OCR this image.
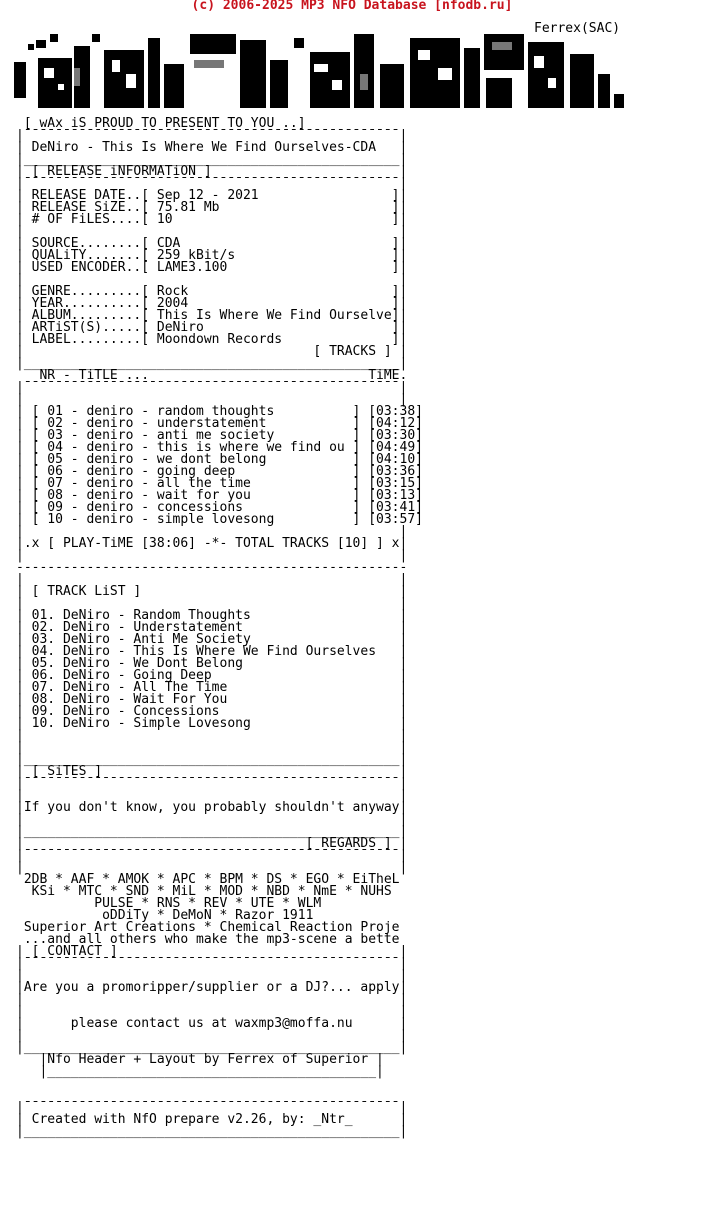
(c) 2006-2025 MP3 NFO Database [nfodb.ru]
Ferrex(SAC)

[ wAx iS PROUD TO PRESENT TO YOU ..]
|¯¯¯¯¯¯¯¯¯¯¯¯¯¯¯¯¯¯¯¯¯¯¯¯¯¯¯¯¯¯¯¯¯¯¯¯¯¯¯¯¯¯¯¯¯¯¯¯|
| DeNiro - This Is Where We Find Ourselves-CDA   |
|________________________________________________|
| [ RELEASE iNFORMATiON ]                        |
|¯¯¯¯¯¯¯¯¯¯¯¯¯¯¯¯¯¯¯¯¯¯¯¯¯¯¯¯¯¯¯¯¯¯¯¯¯¯¯¯¯¯¯¯¯¯¯¯|
| RELEASE DATE..[ Sep 12 - 2021                 ]|
| RELEASE SiZE..[ 75.81 Mb                      ]|
| # OF FiLES....[ 10                            ]|
|                                                |
| SOURCE........[ CDA                           ]|
| QUALiTY.......[ 259 kBit/s                    ]|
| USED ENCODER..[ LAME3.100                     ]|
|                                                |
| GENRE.........[ Rock                          ]|
| YEAR..........[ 2004                          ]|
| ALBUM.........[ This Is Where We Find Ourselve]|
| ARTiST(S).....[ DeNiro                        ]|
| LABEL.........[ Moondown Records              ]|
|                                     [ TRACKS ] |
|________________________________________________|
NR - TiTLE ...                            TiME.
|¯¯¯¯¯¯¯¯¯¯¯¯¯¯¯¯¯¯¯¯¯¯¯¯¯¯¯¯¯¯¯¯¯¯¯¯¯¯¯¯¯¯¯¯¯¯¯¯|
|                                                |
| [ 01 - deniro - random thoughts          ] [03:38]
| [ 02 - deniro - understatement           ] [04:12]
| [ 03 - deniro - anti me society          ] [03:30]
| [ 04 - deniro - this is where we find ou ] [04:49]
| [ 05 - deniro - we dont belong           ] [04:10]
| [ 06 - deniro - going deep               ] [03:36]
| [ 07 - deniro - all the time             ] [03:15]
| [ 08 - deniro - wait for you             ] [03:13]
| [ 09 - deniro - concessions              ] [03:41]
| [ 10 - deniro - simple lovesong          ] [03:57]
|                                                |
|.x [ PLAY-TiME [38:06] -*- TOTAL TRACKS [10] ] x|
|                                                |
--------------------------------------------------
|                                                |
| [ TRACK LiST ]                                 |
|                                                |
| 01. DeNiro - Random Thoughts                   |
| 02. DeNiro - Understatement                    |
| 03. DeNiro - Anti Me Society                   |
| 04. DeNiro - This Is Where We Find Ourselves   |
| 05. DeNiro - We Dont Belong                    |
| 06. DeNiro - Going Deep                        |
| 07. DeNiro - All The Time                      |
| 08. DeNiro - Wait For You                      |
| 09. DeNiro - Concessions                       |
| 10. DeNiro - Simple Lovesong                   |
|                                                |
|                                                |
|________________________________________________|
| [ SiTES ]                                      |
|¯¯¯¯¯¯¯¯¯¯¯¯¯¯¯¯¯¯¯¯¯¯¯¯¯¯¯¯¯¯¯¯¯¯¯¯¯¯¯¯¯¯¯¯¯¯¯¯|
|                                                |
|If you don't know, you probably shouldn't anyway|
|                                                |
|________________________________________________|
|                                    [ REGARDS ] |
|¯¯¯¯¯¯¯¯¯¯¯¯¯¯¯¯¯¯¯¯¯¯¯¯¯¯¯¯¯¯¯¯¯¯¯¯¯¯¯¯¯¯¯¯¯¯¯¯|
|                                                |
2DB * AAF * AMOK * APC * BPM * DS * EGO * EiTheL
KSi * MTC * SND * MiL * MOD * NBD * NmE * NUHS
PULSE * RNS * REV * UTE * WLM
oDDiTy * DeMoN * Razor 1911
Superior Art Creations * Chemical Reaction Proje
...and all others who make the mp3-scene a bette
| [ CONTACT ]                                    |
|¯¯¯¯¯¯¯¯¯¯¯¯¯¯¯¯¯¯¯¯¯¯¯¯¯¯¯¯¯¯¯¯¯¯¯¯¯¯¯¯¯¯¯¯¯¯¯¯|
|                                                |
|Are you a promoripper/supplier or a DJ?... apply|
|                                                |
|                                                |
|      please contact us at waxmp3@moffa.nu      |
|                                                |
|________________________________________________|
|Nfo Header + Layout by Ferrex of Superior |
|__________________________________________|

|¯¯¯¯¯¯¯¯¯¯¯¯¯¯¯¯¯¯¯¯¯¯¯¯¯¯¯¯¯¯¯¯¯¯¯¯¯¯¯¯¯¯¯¯¯¯¯¯|
| Created with NfO prepare v2.26, by: _Ntr_      |
|________________________________________________|
